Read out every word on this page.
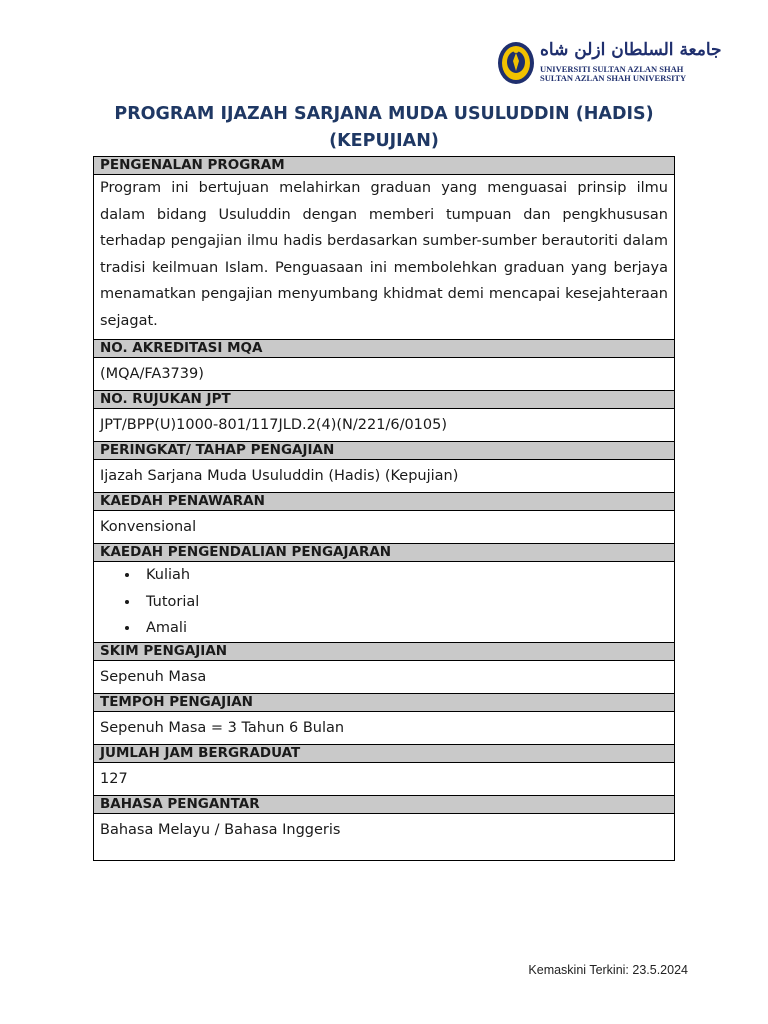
جامعة السلطان ازلن شاه
UNIVERSITI SULTAN AZLAN SHAH
SULTAN AZLAN SHAH UNIVERSITY
PROGRAM IJAZAH SARJANA MUDA USULUDDIN (HADIS)
(KEPUJIAN)
PENGENALAN PROGRAM
Program ini bertujuan melahirkan graduan yang menguasai prinsip ilmu dalam bidang Usuluddin dengan memberi tumpuan dan pengkhususan terhadap pengajian ilmu hadis berdasarkan sumber-sumber berautoriti dalam tradisi keilmuan Islam. Penguasaan ini membolehkan graduan yang berjaya menamatkan pengajian menyumbang khidmat demi mencapai kesejahteraan sejagat.
NO. AKREDITASI MQA
(MQA/FA3739)
NO. RUJUKAN JPT
JPT/BPP(U)1000-801/117JLD.2(4)(N/221/6/0105)
PERINGKAT/ TAHAP PENGAJIAN
Ijazah Sarjana Muda Usuluddin (Hadis) (Kepujian)
KAEDAH PENAWARAN
Konvensional
KAEDAH PENGENDALIAN PENGAJARAN

• Kuliah
• Tutorial
• Amali

SKIM PENGAJIAN
Sepenuh Masa
TEMPOH PENGAJIAN
Sepenuh Masa = 3 Tahun 6 Bulan
JUMLAH JAM BERGRADUAT
127
BAHASA PENGANTAR
Bahasa Melayu / Bahasa Inggeris
Kemaskini Terkini: 23.5.2024
